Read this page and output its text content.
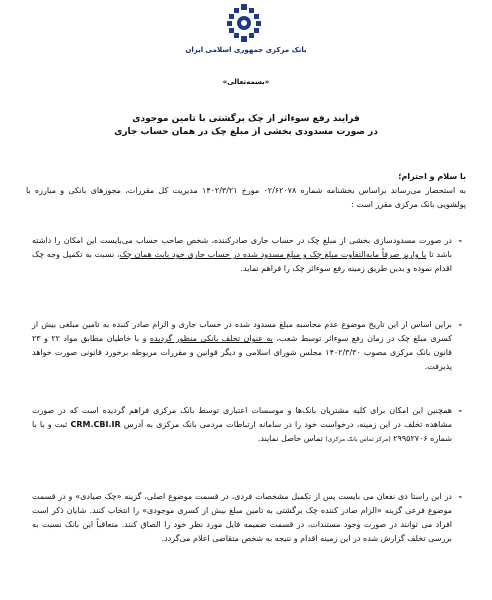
بانک مرکزی جمهوری اسلامی ایران
«بسمه‌تعالی»
فرایند رفع سوءاثر از چک برگشتی با تامین موجودی
در صورت مسدودی بخشی از مبلغ چک در همان حساب جاری
با سلام و احترام؛
به استحضار می‌رساند براساس بخشنامه شماره ۰۲/۶۲۰۷۸ مورخ ۱۴۰۲/۳/۲۱ مدیریت کل مقررات، مجوزهای بانکی و مبارزه با پولشویی بانک مرکزی مقرر است :
-
در صورت مسدودسازی بخشی از مبلغ چک در حساب جاری صادرکننده، شخص صاحب حساب می‌بایست این امکان را داشته باشد تا با واریز صرفاً مابه‌التفاوت مبلغ چک و مبلغ مسدود شده در حساب جاری خود بابت همان چک، نسبت به تکمیل وجه چک اقدام نموده و بدین طریق زمینه رفع سوءاثر چک را فراهم نماید.
-
براین اساس از این تاریخ موضوع عدم محاسبه مبلغ مسدود شده در حساب جاری و الزام صادر کننده به تامین مبلغی بیش از کسری مبلغ چک در زمان رفع سوءاثر توسط شعب، به عنوان تخلف بانکی منظور گردیده و با خاطیان مطابق مواد ۲۲ و ۲۳ قانون بانک مرکزی مصوب ۱۴۰۲/۳/۳۰ مجلس شورای اسلامی و دیگر قوانین و مقررات مربوطه برخورد قانونی صورت خواهد پذیرفت.
-
همچنین این امکان برای کلیه مشتریان بانک‌ها و موسسات اعتباری توسط بانک مرکزی فراهم گردیده است که در صورت مشاهده تخلف در این زمینه، درخواست خود را در سامانه ارتباطات مردمی بانک مرکزی به آدرس CRM.CBI.IR ثبت و یا با شماره ۲۹۹۵۲۷۰۶ (مرکز تماس بانک مرکزی) تماس حاصل نمایند.
-
در این راستا ذی نفعان می بایست پس از تکمیل مشخصات فردی، در قسمت موضوع اصلی، گزینه «چک صیادی» و در قسمت موضوع فرعی گزینه «الزام صادر کننده چک برگشتی به تامین مبلغ بیش از کسری موجودی» را انتخاب کنند. شایان ذکر است افراد می توانند در صورت وجود مستندات، در قسمت ضمیمه فایل مورد نظر خود را الصاق کنند. متعاقباً این بانک نسبت به بررسی تخلف گزارش شده در این زمینه اقدام و نتیجه به شخص متقاضی اعلام می‌گردد.
